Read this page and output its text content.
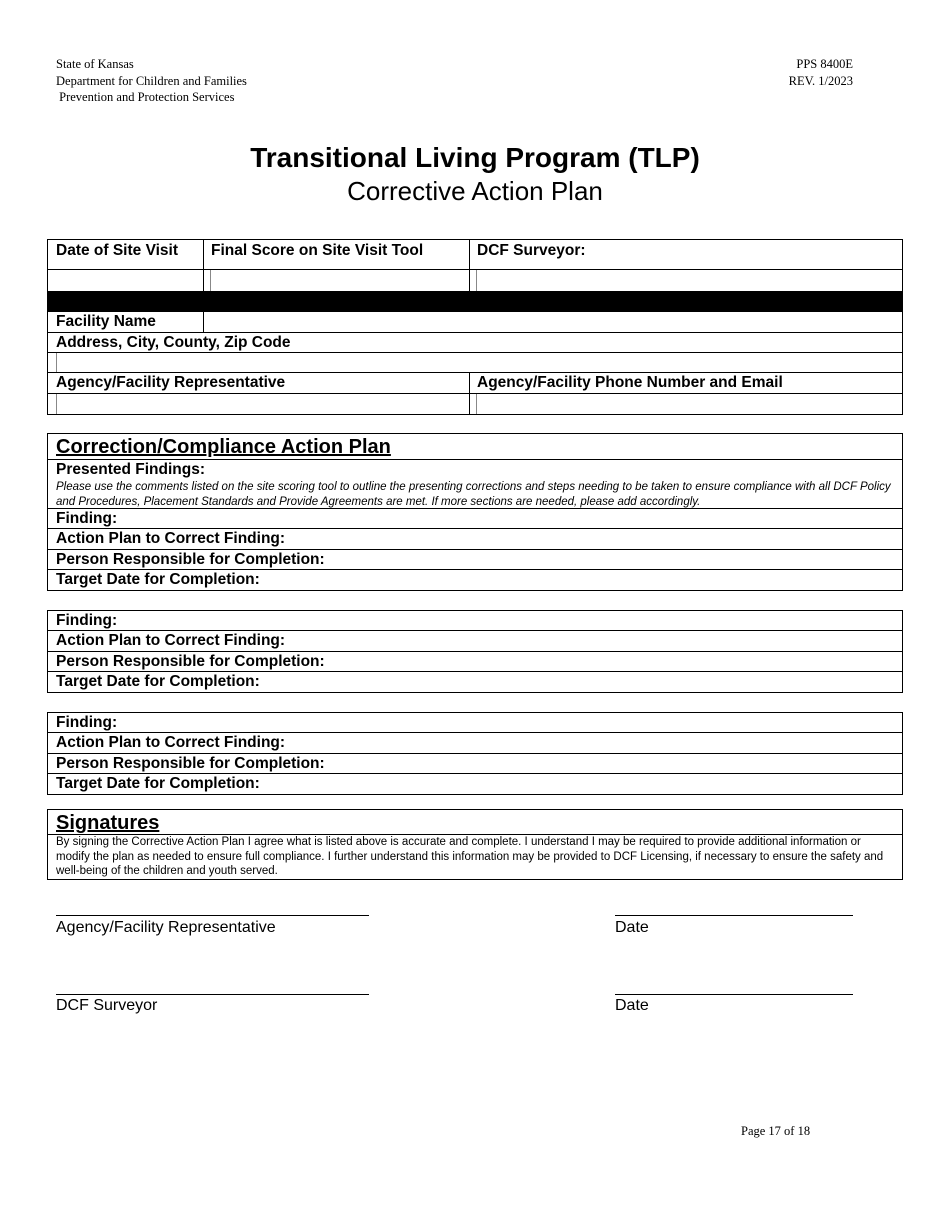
State of Kansas
Department for Children and Families
Prevention and Protection Services
PPS 8400E
REV. 1/2023
Transitional Living Program (TLP)
Corrective Action Plan
Date of Site Visit	Final Score on Site Visit Tool	DCF Surveyor:
Facility Name
Address, City, County, Zip Code
Agency/Facility Representative	Agency/Facility Phone Number and Email
Correction/Compliance Action Plan
Presented Findings:
Please use the comments listed on the site scoring tool to outline the presenting corrections and steps needing to be taken to ensure compliance with all DCF Policy and Procedures, Placement Standards and Provide Agreements are met. If more sections are needed, please add accordingly.
Finding:
Action Plan to Correct Finding:
Person Responsible for Completion:
Target Date for Completion:
Finding:
Action Plan to Correct Finding:
Person Responsible for Completion:
Target Date for Completion:
Finding:
Action Plan to Correct Finding:
Person Responsible for Completion:
Target Date for Completion:
Signatures
By signing the Corrective Action Plan I agree what is listed above is accurate and complete. I understand I may be required to provide additional information or modify the plan as needed to ensure full compliance. I further understand this information may be provided to DCF Licensing, if necessary to ensure the safety and well-being of the children and youth served.
Agency/Facility Representative	Date
DCF Surveyor	Date
Page 17 of 18
